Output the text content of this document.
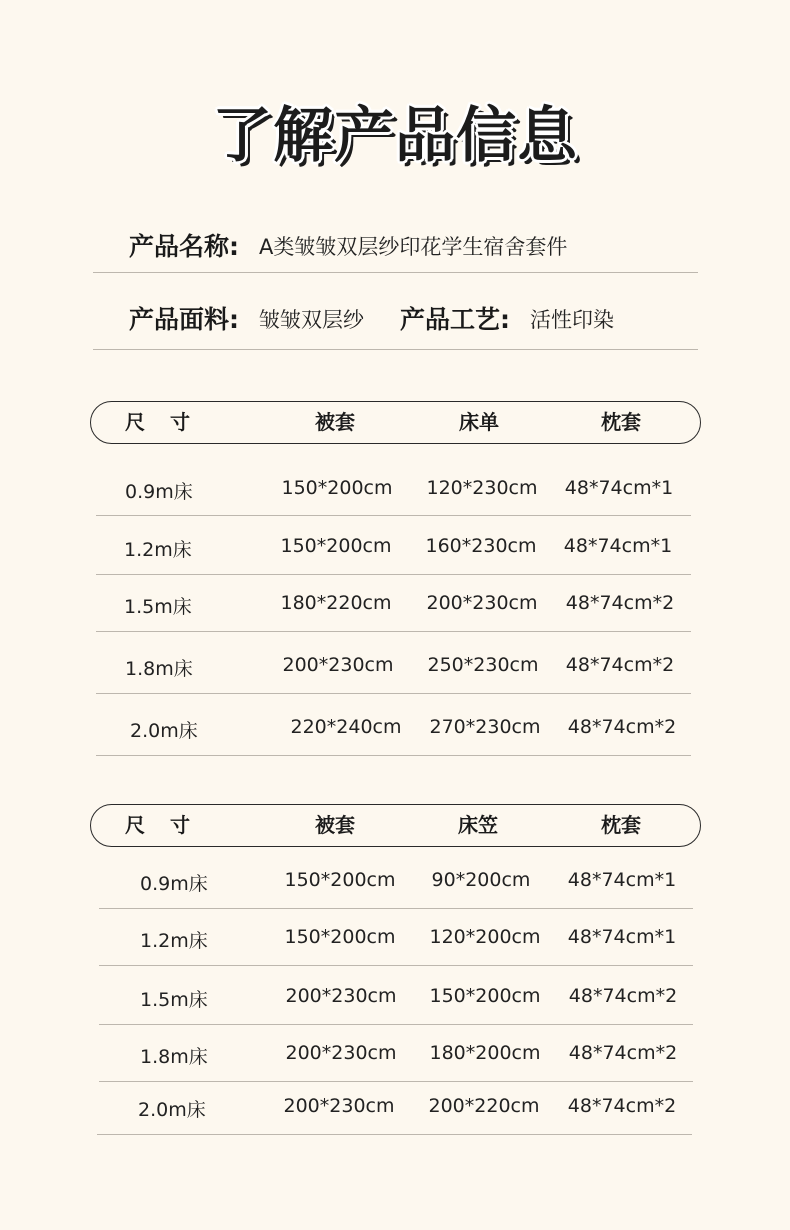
了解产品信息
产品名称: A类皱皱双层纱印花学生宿舍套件
产品面料: 皱皱双层纱 产品工艺: 活性印染
尺 寸	被套	床单	枕套
0.9m床	150*200cm	120*230cm	48*74cm*1
1.2m床	150*200cm	160*230cm	48*74cm*1
1.5m床	180*220cm	200*230cm	48*74cm*2
1.8m床	200*230cm	250*230cm	48*74cm*2
2.0m床	220*240cm	270*230cm	48*74cm*2
尺 寸	被套	床笠	枕套
0.9m床	150*200cm	90*200cm	48*74cm*1
1.2m床	150*200cm	120*200cm	48*74cm*1
1.5m床	200*230cm	150*200cm	48*74cm*2
1.8m床	200*230cm	180*200cm	48*74cm*2
2.0m床	200*230cm	200*220cm	48*74cm*2
